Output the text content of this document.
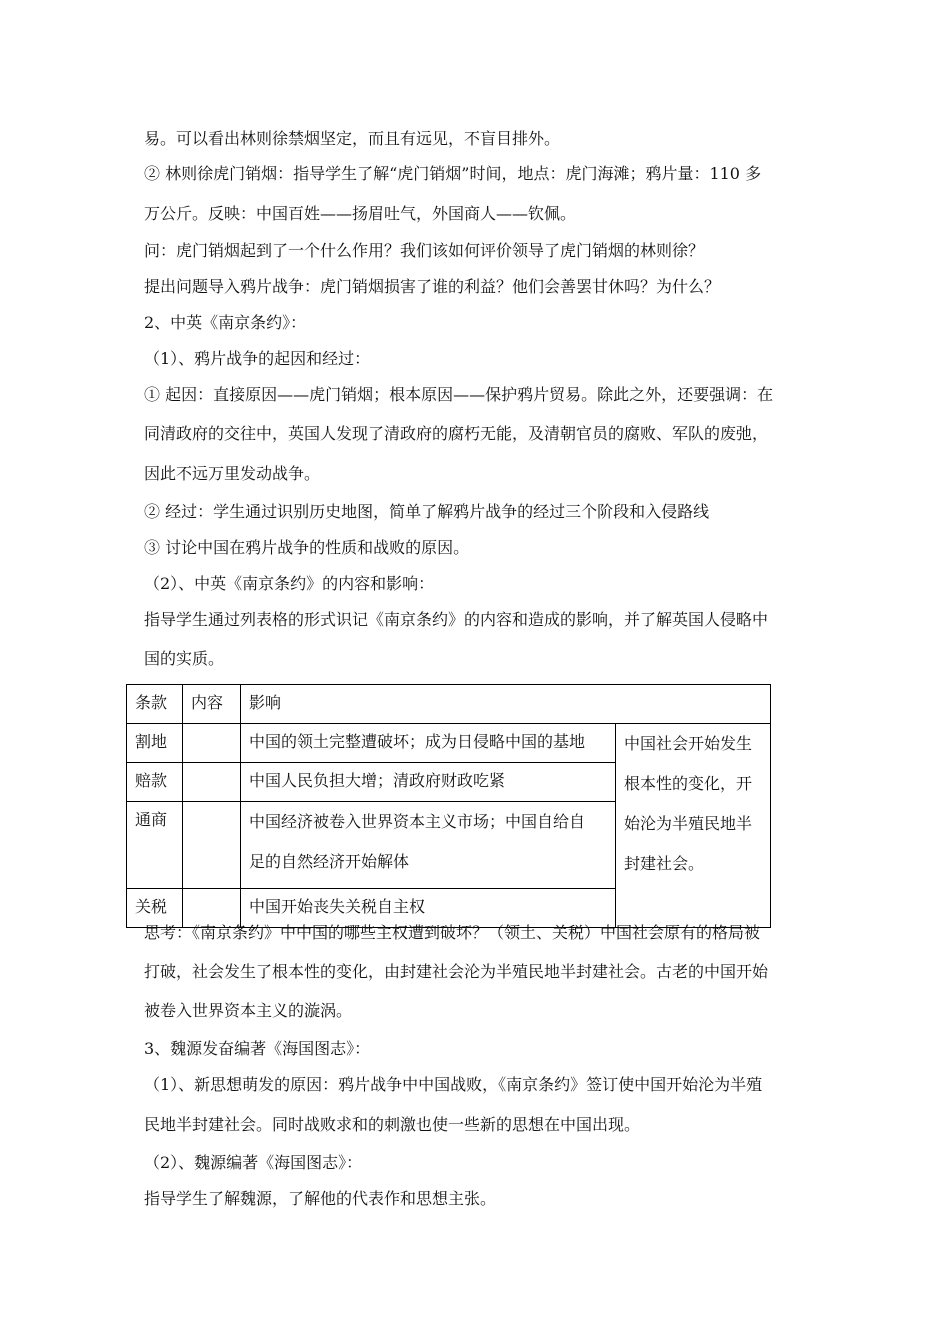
易。可以看出林则徐禁烟坚定，而且有远见，不盲目排外。
② 林则徐虎门销烟：指导学生了解“虎门销烟”时间，地点：虎门海滩；鸦片量：110 多
万公斤。反映：中国百姓——扬眉吐气，外国商人——钦佩。
问：虎门销烟起到了一个什么作用？我们该如何评价领导了虎门销烟的林则徐？
提出问题导入鸦片战争：虎门销烟损害了谁的利益？他们会善罢甘休吗？为什么？
2、中英《南京条约》：
（1）、鸦片战争的起因和经过：
① 起因：直接原因——虎门销烟；根本原因——保护鸦片贸易。除此之外，还要强调：在
同清政府的交往中，英国人发现了清政府的腐朽无能，及清朝官员的腐败、军队的废弛，
因此不远万里发动战争。
② 经过：学生通过识别历史地图，简单了解鸦片战争的经过三个阶段和入侵路线
③ 讨论中国在鸦片战争的性质和战败的原因。
（2）、中英《南京条约》的内容和影响：
指导学生通过列表格的形式识记《南京条约》的内容和造成的影响，并了解英国人侵略中
国的实质。
条款	内容	影响	
割地		中国的领土完整遭破坏；成为日侵略中国的基地	中国社会开始发生
根本性的变化，开
始沦为半殖民地半
封建社会。

赔款		中国人民负担大增；清政府财政吃紧	
通商		中国经济被卷入世界资本主义市场；中国自给自
足的自然经济开始解体	

关税		中国开始丧失关税自主权	
思考：《南京条约》中中国的哪些主权遭到破坏？（领土、关税）中国社会原有的格局被
打破，社会发生了根本性的变化，由封建社会沦为半殖民地半封建社会。古老的中国开始
被卷入世界资本主义的漩涡。
3、魏源发奋编著《海国图志》：
（1）、新思想萌发的原因：鸦片战争中中国战败，《南京条约》签订使中国开始沦为半殖
民地半封建社会。同时战败求和的刺激也使一些新的思想在中国出现。
（2）、魏源编著《海国图志》：
指导学生了解魏源，了解他的代表作和思想主张。
